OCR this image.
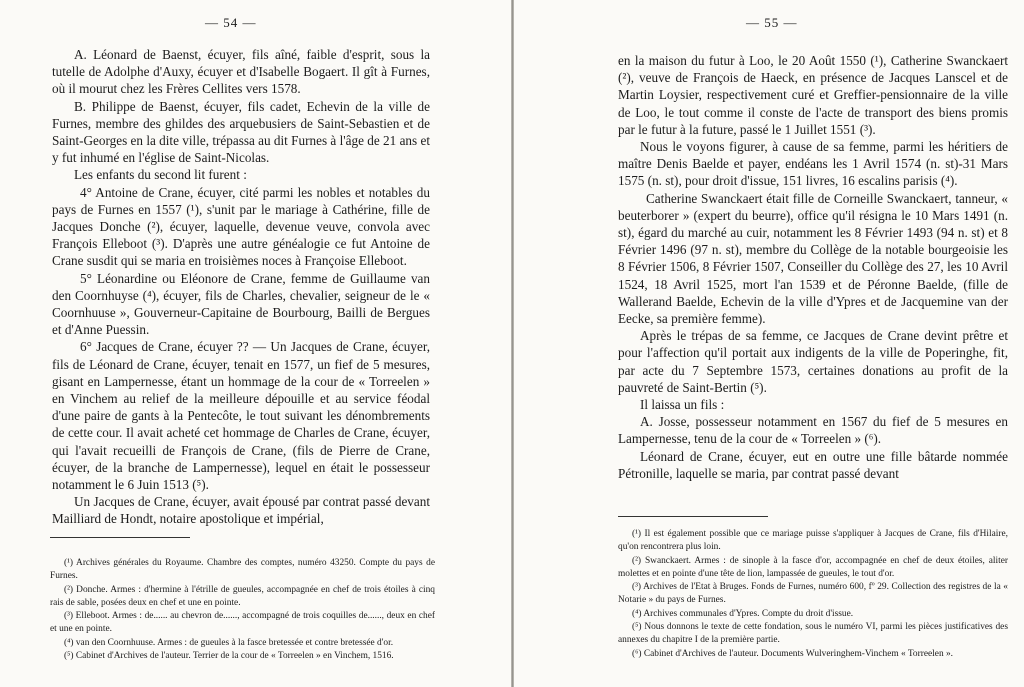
— 54 —

A. Léonard de Baenst, écuyer, fils aîné, faible d'esprit, sous la tutelle de Adolphe d'Auxy, écuyer et d'Isabelle Bogaert. Il gît à Furnes, où il mourut chez les Frères Cellites vers 1578.

B. Philippe de Baenst, écuyer, fils cadet, Echevin de la ville de Furnes, membre des ghildes des arquebusiers de Saint-Sebastien et de Saint-Georges en la dite ville, trépassa au dit Furnes à l'âge de 21 ans et y fut inhumé en l'église de Saint-Nicolas.

Les enfants du second lit furent :

4° Antoine de Crane, écuyer, cité parmi les nobles et notables du pays de Furnes en 1557 (¹), s'unit par le mariage à Cathérine, fille de Jacques Donche (²), écuyer, laquelle, devenue veuve, convola avec François Elleboot (³). D'après une autre généalogie ce fut Antoine de Crane susdit qui se maria en troisièmes noces à Françoise Elleboot.

5° Léonardine ou Eléonore de Crane, femme de Guillaume van den Coornhuyse (⁴), écuyer, fils de Charles, chevalier, seigneur de le « Coornhuuse », Gouverneur-Capitaine de Bourbourg, Bailli de Bergues et d'Anne Puessin.

6° Jacques de Crane, écuyer ?? — Un Jacques de Crane, écuyer, fils de Léonard de Crane, écuyer, tenait en 1577, un fief de 5 mesures, gisant en Lampernesse, étant un hommage de la cour de « Torreelen » en Vinchem au relief de la meilleure dépouille et au service féodal d'une paire de gants à la Pentecôte, le tout suivant les dénombrements de cette cour. Il avait acheté cet hommage de Charles de Crane, écuyer, qui l'avait recueilli de François de Crane, (fils de Pierre de Crane, écuyer, de la branche de Lampernesse), lequel en était le possesseur notamment le 6 Juin 1513 (⁵).

Un Jacques de Crane, écuyer, avait épousé par contrat passé devant Mailliard de Hondt, notaire apostolique et impérial,

(¹) Archives générales du Royaume. Chambre des comptes, numéro 43250. Compte du pays de Furnes.

(²) Donche. Armes : d'hermine à l'étrille de gueules, accompagnée en chef de trois étoiles à cinq rais de sable, posées deux en chef et une en pointe.

(³) Elleboot. Armes : de...... au chevron de......, accompagné de trois coquilles de......, deux en chef et une en pointe.

(⁴) van den Coornhuuse. Armes : de gueules à la fasce bretessée et contre bretessée d'or.

(⁵) Cabinet d'Archives de l'auteur. Terrier de la cour de « Torreelen » en Vinchem, 1516.

— 55 —

en la maison du futur à Loo, le 20 Août 1550 (¹), Catherine Swanckaert (²), veuve de François de Haeck, en présence de Jacques Lanscel et de Martin Loysier, respectivement curé et Greffier-pensionnaire de la ville de Loo, le tout comme il conste de l'acte de transport des biens promis par le futur à la future, passé le 1 Juillet 1551 (³).

Nous le voyons figurer, à cause de sa femme, parmi les héritiers de maître Denis Baelde et payer, endéans les 1 Avril 1574 (n. st)-31 Mars 1575 (n. st), pour droit d'issue, 151 livres, 16 escalins parisis (⁴).

Catherine Swanckaert était fille de Corneille Swanckaert, tanneur, « beuterborer » (expert du beurre), office qu'il résigna le 10 Mars 1491 (n. st), égard du marché au cuir, notamment les 8 Février 1493 (94 n. st) et 8 Février 1496 (97 n. st), membre du Collège de la notable bourgeoisie les 8 Février 1506, 8 Février 1507, Conseiller du Collège des 27, les 10 Avril 1524, 18 Avril 1525, mort l'an 1539 et de Péronne Baelde, (fille de Wallerand Baelde, Echevin de la ville d'Ypres et de Jacquemine van der Eecke, sa première femme).

Après le trépas de sa femme, ce Jacques de Crane devint prêtre et pour l'affection qu'il portait aux indigents de la ville de Poperinghe, fit, par acte du 7 Septembre 1573, certaines donations au profit de la pauvreté de Saint-Bertin (⁵).

Il laissa un fils :

A. Josse, possesseur notamment en 1567 du fief de 5 mesures en Lampernesse, tenu de la cour de « Torreelen » (⁶).

Léonard de Crane, écuyer, eut en outre une fille bâtarde nommée Pétronille, laquelle se maria, par contrat passé devant

(¹) Il est également possible que ce mariage puisse s'appliquer à Jacques de Crane, fils d'Hilaire, qu'on rencontrera plus loin.

(²) Swanckaert. Armes : de sinople à la fasce d'or, accompagnée en chef de deux étoiles, aliter molettes et en pointe d'une tête de lion, lampassée de gueules, le tout d'or.

(³) Archives de l'Etat à Bruges. Fonds de Furnes, numéro 600, fº 29. Collection des registres de la « Notarie » du pays de Furnes.

(⁴) Archives communales d'Ypres. Compte du droit d'issue.

(⁵) Nous donnons le texte de cette fondation, sous le numéro VI, parmi les pièces justificatives des annexes du chapitre I de la première partie.

(⁶) Cabinet d'Archives de l'auteur. Documents Wulveringhem-Vinchem « Torreelen ».
